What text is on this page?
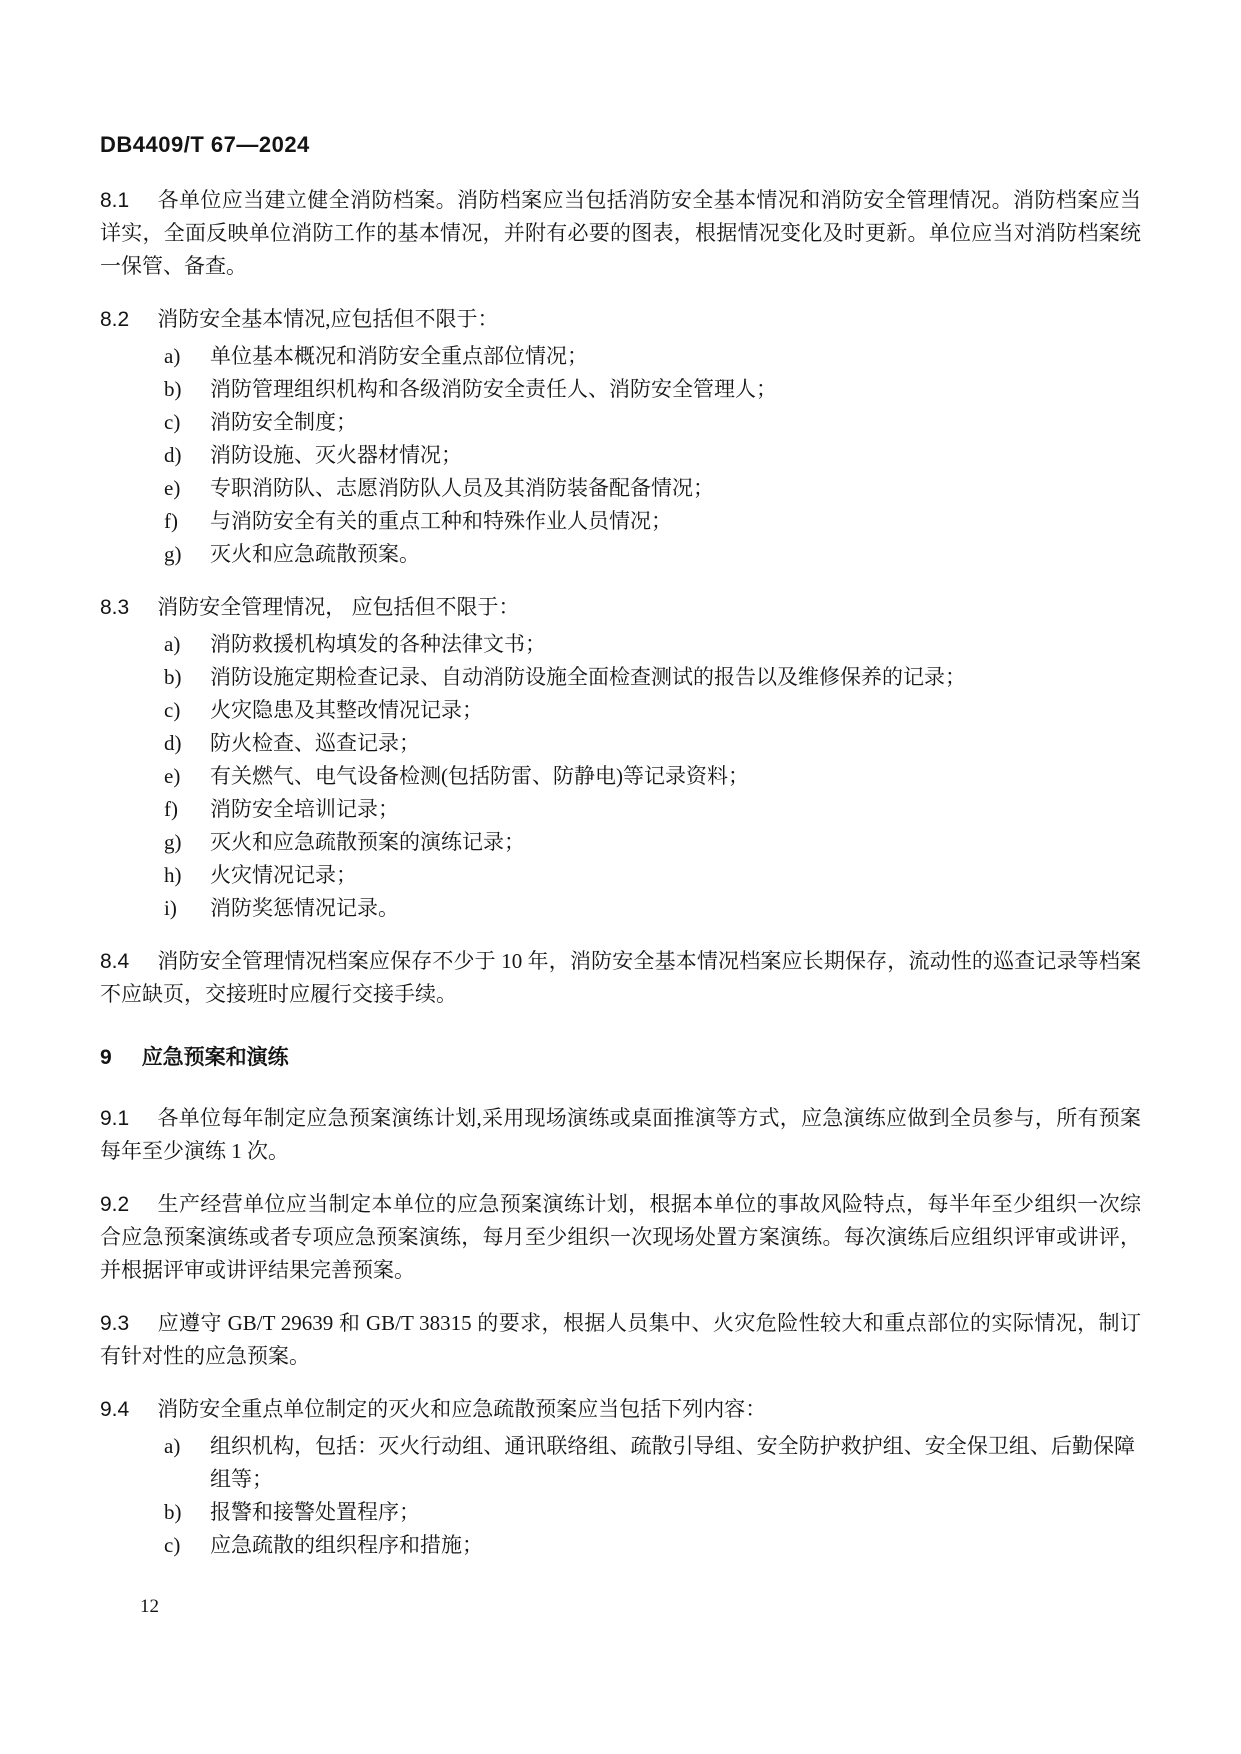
DB4409/T 67—2024

8.1 各单位应当建立健全消防档案。消防档案应当包括消防安全基本情况和消防安全管理情况。消防档案应当详实，全面反映单位消防工作的基本情况，并附有必要的图表，根据情况变化及时更新。单位应当对消防档案统一保管、备查。

8.2 消防安全基本情况,应包括但不限于：

a)	单位基本概况和消防安全重点部位情况；
b)	消防管理组织机构和各级消防安全责任人、消防安全管理人；
c)	消防安全制度；
d)	消防设施、灭火器材情况；
e)	专职消防队、志愿消防队人员及其消防装备配备情况；
f)	与消防安全有关的重点工种和特殊作业人员情况；
g)	灭火和应急疏散预案。

8.3 消防安全管理情况， 应包括但不限于：

a)	消防救援机构填发的各种法律文书；
b)	消防设施定期检查记录、自动消防设施全面检查测试的报告以及维修保养的记录；
c)	火灾隐患及其整改情况记录；
d)	防火检查、巡查记录；
e)	有关燃气、电气设备检测(包括防雷、防静电)等记录资料；
f)	消防安全培训记录；
g)	灭火和应急疏散预案的演练记录；
h)	火灾情况记录；
i)	消防奖惩情况记录。

8.4 消防安全管理情况档案应保存不少于 10 年，消防安全基本情况档案应长期保存，流动性的巡查记录等档案不应缺页，交接班时应履行交接手续。

9 应急预案和演练

9.1 各单位每年制定应急预案演练计划,采用现场演练或桌面推演等方式，应急演练应做到全员参与，所有预案每年至少演练 1 次。

9.2 生产经营单位应当制定本单位的应急预案演练计划，根据本单位的事故风险特点，每半年至少组织一次综合应急预案演练或者专项应急预案演练，每月至少组织一次现场处置方案演练。每次演练后应组织评审或讲评，并根据评审或讲评结果完善预案。

9.3 应遵守 GB/T 29639 和 GB/T 38315 的要求，根据人员集中、火灾危险性较大和重点部位的实际情况，制订有针对性的应急预案。

9.4 消防安全重点单位制定的灭火和应急疏散预案应当包括下列内容：

a)	组织机构，包括：灭火行动组、通讯联络组、疏散引导组、安全防护救护组、安全保卫组、后勤保障组等；
b)	报警和接警处置程序；
c)	应急疏散的组织程序和措施；
12
